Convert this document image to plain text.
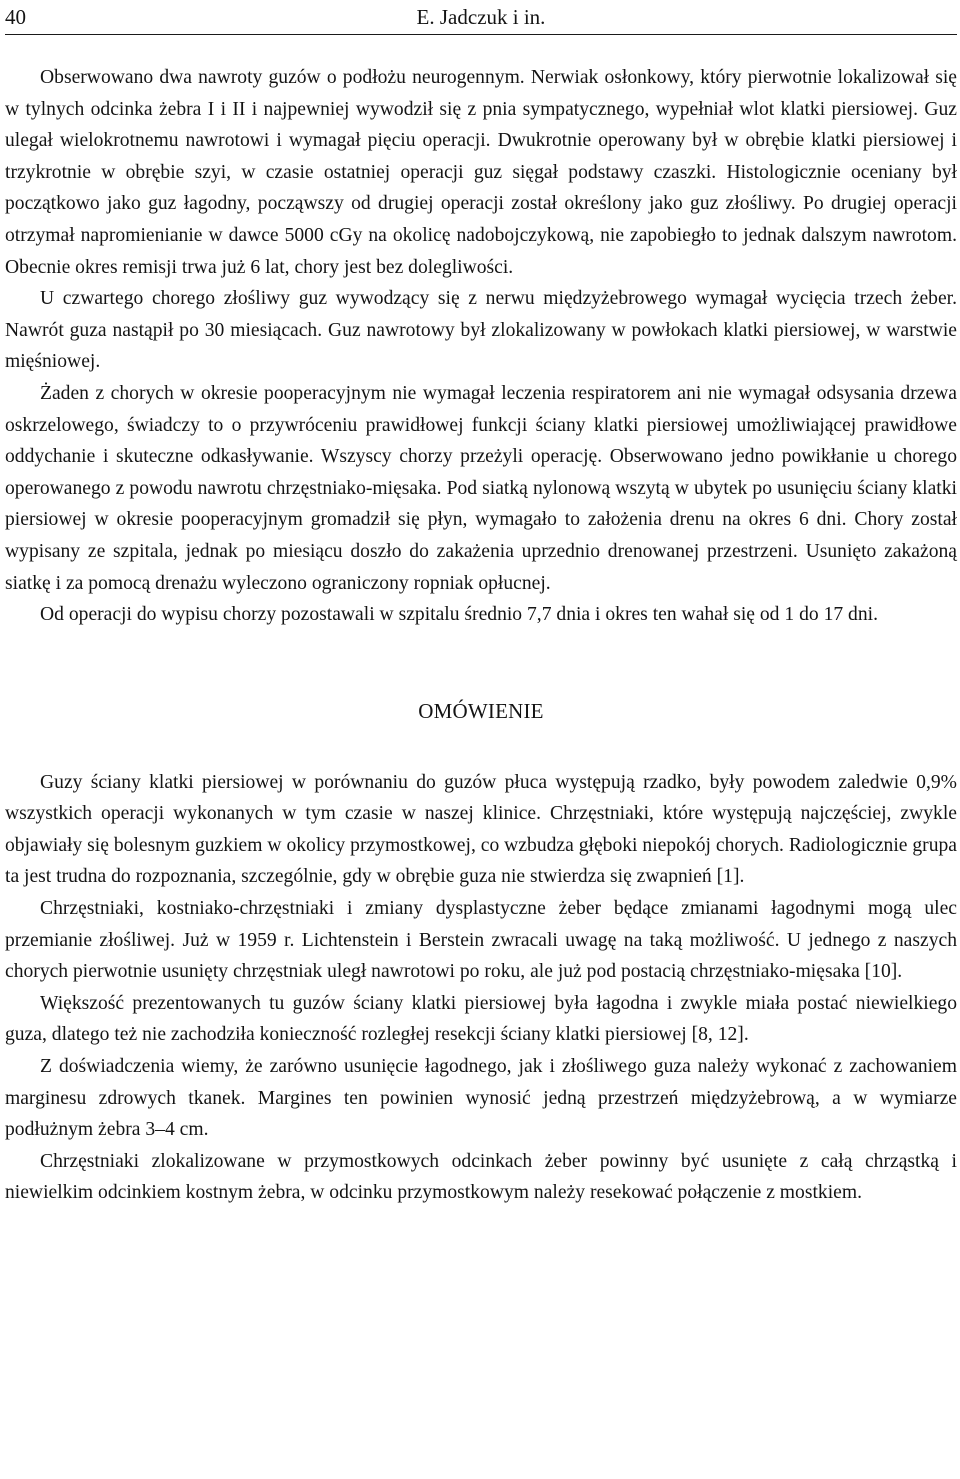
40	E. Jadczuk i in.

Obserwowano dwa nawroty guzów o podłożu neurogennym. Nerwiak osłonkowy, który pierwotnie lokalizował się w tylnych odcinka żebra I i II i najpewniej wywodził się z pnia sympatycznego, wypełniał wlot klatki piersiowej. Guz ulegał wielokrotnemu nawrotowi i wymagał pięciu operacji. Dwukrotnie operowany był w obrębie klatki piersiowej i trzykrotnie w obrębie szyi, w czasie ostatniej operacji guz sięgał podstawy czaszki. Histologicznie oceniany był początkowo jako guz łagodny, począwszy od drugiej operacji został określony jako guz złośliwy. Po drugiej operacji otrzymał napromienianie w dawce 5000 cGy na okolicę nadobojczykową, nie zapobiegło to jednak dalszym nawrotom. Obecnie okres remisji trwa już 6 lat, chory jest bez dolegliwości.

U czwartego chorego złośliwy guz wywodzący się z nerwu międzyżebrowego wymagał wycięcia trzech żeber. Nawrót guza nastąpił po 30 miesiącach. Guz nawrotowy był zlokalizowany w powłokach klatki piersiowej, w warstwie mięśniowej.

Żaden z chorych w okresie pooperacyjnym nie wymagał leczenia respiratorem ani nie wymagał odsysania drzewa oskrzelowego, świadczy to o przywróceniu prawidłowej funkcji ściany klatki piersiowej umożliwiającej prawidłowe oddychanie i skuteczne odkasływanie. Wszyscy chorzy przeżyli operację. Obserwowano jedno powikłanie u chorego operowanego z powodu nawrotu chrzęstniako-mięsaka. Pod siatką nylonową wszytą w ubytek po usunięciu ściany klatki piersiowej w okresie pooperacyjnym gromadził się płyn, wymagało to założenia drenu na okres 6 dni. Chory został wypisany ze szpitala, jednak po miesiącu doszło do zakażenia uprzednio drenowanej przestrzeni. Usunięto zakażoną siatkę i za pomocą drenażu wyleczono ograniczony ropniak opłucnej.

Od operacji do wypisu chorzy pozostawali w szpitalu średnio 7,7 dnia i okres ten wahał się od 1 do 17 dni.

OMÓWIENIE

Guzy ściany klatki piersiowej w porównaniu do guzów płuca występują rzadko, były powodem zaledwie 0,9% wszystkich operacji wykonanych w tym czasie w naszej klinice. Chrzęstniaki, które występują najczęściej, zwykle objawiały się bolesnym guzkiem w okolicy przymostkowej, co wzbudza głęboki niepokój chorych. Radiologicznie grupa ta jest trudna do rozpoznania, szczególnie, gdy w obrębie guza nie stwierdza się zwapnień [1].

Chrzęstniaki, kostniako-chrzęstniaki i zmiany dysplastyczne żeber będące zmianami łagodnymi mogą ulec przemianie złośliwej. Już w 1959 r. Lichtenstein i Berstein zwracali uwagę na taką możliwość. U jednego z naszych chorych pierwotnie usunięty chrzęstniak uległ nawrotowi po roku, ale już pod postacią chrzęstniako-mięsaka [10].

Większość prezentowanych tu guzów ściany klatki piersiowej była łagodna i zwykle miała postać niewielkiego guza, dlatego też nie zachodziła konieczność rozległej resekcji ściany klatki piersiowej [8, 12].

Z doświadczenia wiemy, że zarówno usunięcie łagodnego, jak i złośliwego guza należy wykonać z zachowaniem marginesu zdrowych tkanek. Margines ten powinien wynosić jedną przestrzeń międzyżebrową, a w wymiarze podłużnym żebra 3–4 cm.

Chrzęstniaki zlokalizowane w przymostkowych odcinkach żeber powinny być usunięte z całą chrząstką i niewielkim odcinkiem kostnym żebra, w odcinku przymostkowym należy resekować połączenie z mostkiem.
